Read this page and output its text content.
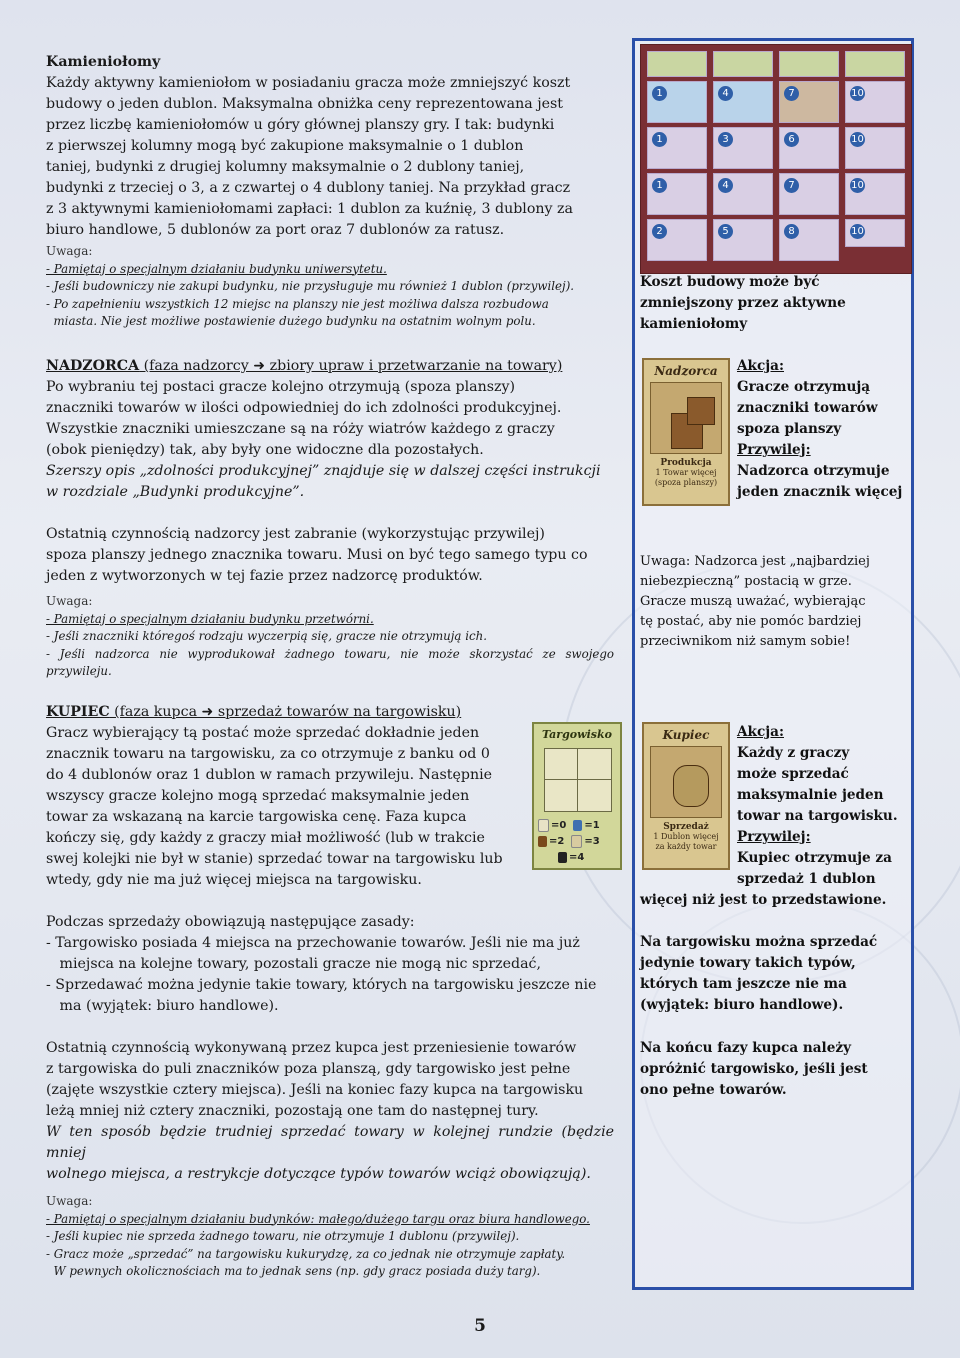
Kamieniołomy

Każdy aktywny kamieniołom w posiadaniu gracza może zmniejszyć koszt

budowy o jeden dublon. Maksymalna obniżka ceny reprezentowana jest

przez liczbę kamieniołomów u góry głównej planszy gry. I tak: budynki

z pierwszej kolumny mogą być zakupione maksymalnie o 1 dublon

taniej, budynki z drugiej kolumny maksymalnie o 2 dublony taniej,

budynki z trzeciej o 3, a z czwartej o 4 dublony taniej. Na przykład gracz

z 3 aktywnymi kamieniołomami zapłaci: 1 dublon za kuźnię, 3 dublony za

biuro handlowe, 5 dublonów za port oraz 7 dublonów za ratusz.

Uwaga:

- Pamiętaj o specjalnym działaniu budynku uniwersytetu.

- Jeśli budowniczy nie zakupi budynku, nie przysługuje mu również 1 dublon (przywilej).

- Po zapełnieniu wszystkich 12 miejsc na planszy nie jest możliwa dalsza rozbudowa

miasta. Nie jest możliwe postawienie dużego budynku na ostatnim wolnym polu.

NADZORCA (faza nadzorcy ➜ zbiory upraw i przetwarzanie na towary)

Po wybraniu tej postaci gracze kolejno otrzymują (spoza planszy)

znaczniki towarów w ilości odpowiedniej do ich zdolności produkcyjnej.

Wszystkie znaczniki umieszczane są na róży wiatrów każdego z graczy

(obok pieniędzy) tak, aby były one widoczne dla pozostałych.

Szerszy opis „zdolności produkcyjnej” znajduje się w dalszej części instrukcji

w rozdziale „Budynki produkcyjne”.

Ostatnią czynnością nadzorcy jest zabranie (wykorzystując przywilej)

spoza planszy jednego znacznika towaru. Musi on być tego samego typu co

jeden z wytworzonych w tej fazie przez nadzorcę produktów.

Uwaga:

- Pamiętaj o specjalnym działaniu budynku przetwórni.

- Jeśli znaczniki któregoś rodzaju wyczerpią się, gracze nie otrzymują ich.

- Jeśli nadzorca nie wyprodukował żadnego towaru, nie może skorzystać ze swojego przywileju.

KUPIEC (faza kupca ➜ sprzedaż towarów na targowisku)

Gracz wybierający tą postać może sprzedać dokładnie jeden

znacznik towaru na targowisku, za co otrzymuje z banku od 0

do 4 dublonów oraz 1 dublon w ramach przywileju. Następnie

wszyscy gracze kolejno mogą sprzedać maksymalnie jeden

towar za wskazaną na karcie targowiska cenę. Faza kupca

kończy się, gdy każdy z graczy miał możliwość (lub w trakcie

swej kolejki nie był w stanie) sprzedać towar na targowisku lub

wtedy, gdy nie ma już więcej miejsca na targowisku.

Podczas sprzedaży obowiązują następujące zasady:

- Targowisko posiada 4 miejsca na przechowanie towarów. Jeśli nie ma już

miejsca na kolejne towary, pozostali gracze nie mogą nic sprzedać,

- Sprzedawać można jedynie takie towary, których na targowisku jeszcze nie

ma (wyjątek: biuro handlowe).

Ostatnią czynnością wykonywaną przez kupca jest przeniesienie towarów

z targowiska do puli znaczników poza planszą, gdy targowisko jest pełne

(zajęte wszystkie cztery miejsca). Jeśli na koniec fazy kupca na targowisku

leżą mniej niż cztery znaczniki, pozostają one tam do następnej tury.

W ten sposób będzie trudniej sprzedać towary w kolejnej rundzie (będzie mniej

wolnego miejsca, a restrykcje dotyczące typów towarów wciąż obowiązują).

Uwaga:

- Pamiętaj o specjalnym działaniu budynków: małego/dużego targu oraz biura handlowego.

- Jeśli kupiec nie sprzeda żadnego towaru, nie otrzymuje 1 dublonu (przywilej).

- Gracz może „sprzedać” na targowisku kukurydzę, za co jednak nie otrzymuje zapłaty.

W pewnych okolicznościach ma to jednak sens (np. gdy gracz posiada duży targ).

Targowisko
=0 =1
=2 =3
=4
1	4	7	10
1	3	6	10
1	4	7	10
2	5	8	10
Koszt budowy może być
zmniejszony przez aktywne
kamieniołomy
Nadzorca
Produkcja
1 Towar więcej
(spoza planszy)
Akcja:
Gracze otrzymują
znaczniki towarów
spoza planszy
Przywilej:
Nadzorca otrzymuje
jeden znacznik więcej
Uwaga: Nadzorca jest „najbardziej
niebezpieczną” postacią w grze.
Gracze muszą uważać, wybierając
tę postać, aby nie pomóc bardziej
przeciwnikom niż samym sobie!
Kupiec
Sprzedaż
1 Dublon więcej
za każdy towar
Akcja:
Każdy z graczy
może sprzedać
maksymalnie jeden
towar na targowisku.
Przywilej:
Kupiec otrzymuje za
sprzedaż 1 dublon
więcej niż jest to przedstawione.
Na targowisku można sprzedać
jedynie towary takich typów,
których tam jeszcze nie ma
(wyjątek: biuro handlowe).
Na końcu fazy kupca należy
opróżnić targowisko, jeśli jest
ono pełne towarów.
5
